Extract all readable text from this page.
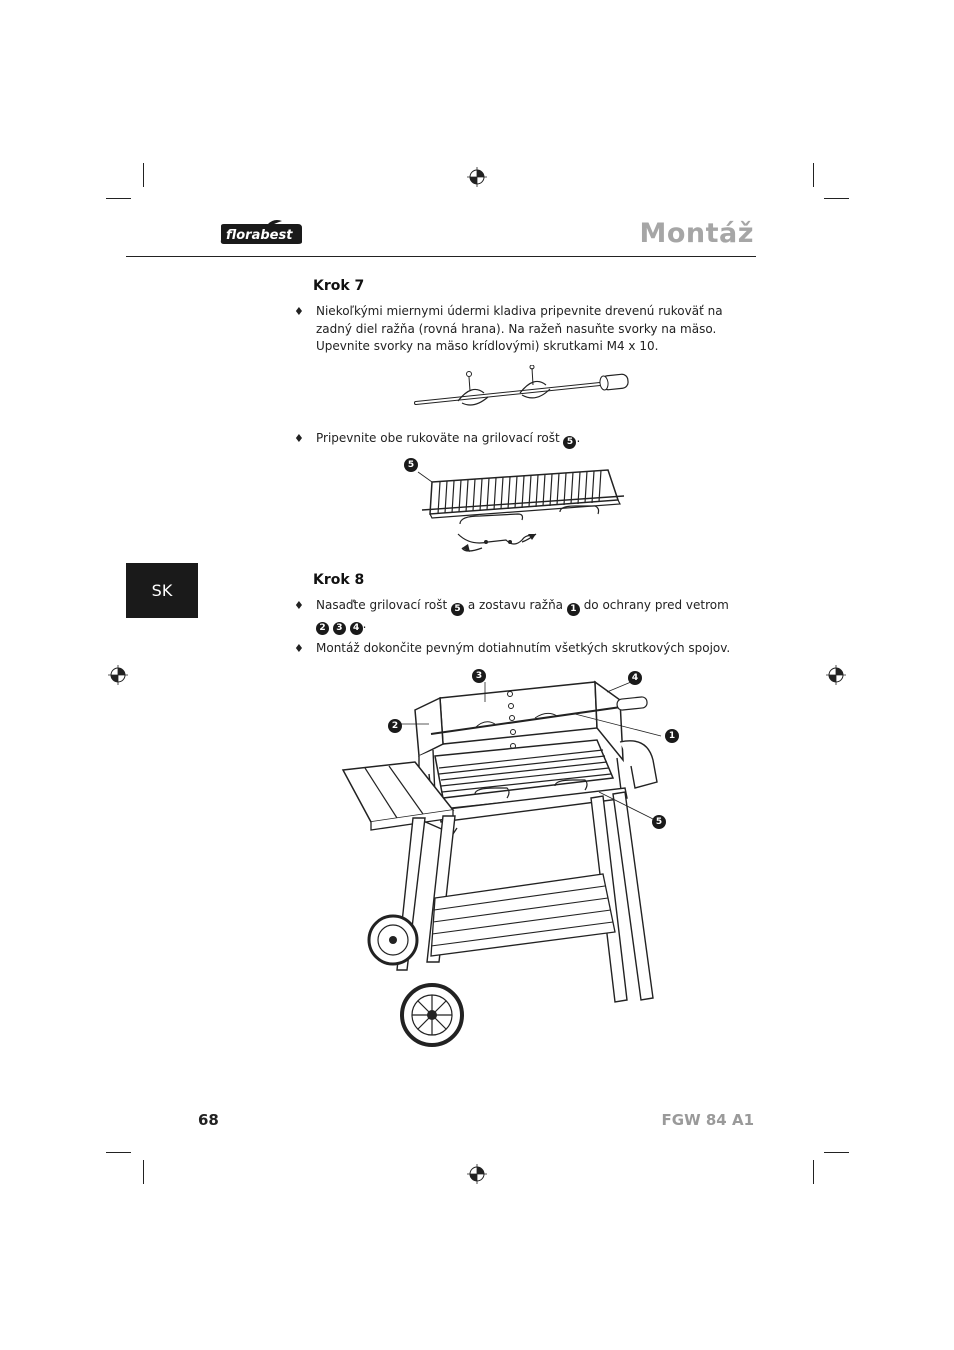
florabest	Montáž
SK
Krok 7
♦ Niekoľkými miernymi údermi kladiva pripevnite drevenú rukoväť na zadný diel ražňa (rovná hrana). Na ražeň nasuňte svorky na mäso. Upevnite svorky na mäso krídlovými) skrutkami M4 x 10.
♦ Pripevnite obe rukoväte na grilovací rošt 5 .
5
Krok 8
♦ Nasaďte grilovací rošt 5 a zostavu ražňa 1 do ochrany pred vetrom 2 3 4 .
♦ Montáž dokončite pevným dotiahnutím všetkých skrutkových spojov.
3	4
2
1
5
68	FGW 84 A1
